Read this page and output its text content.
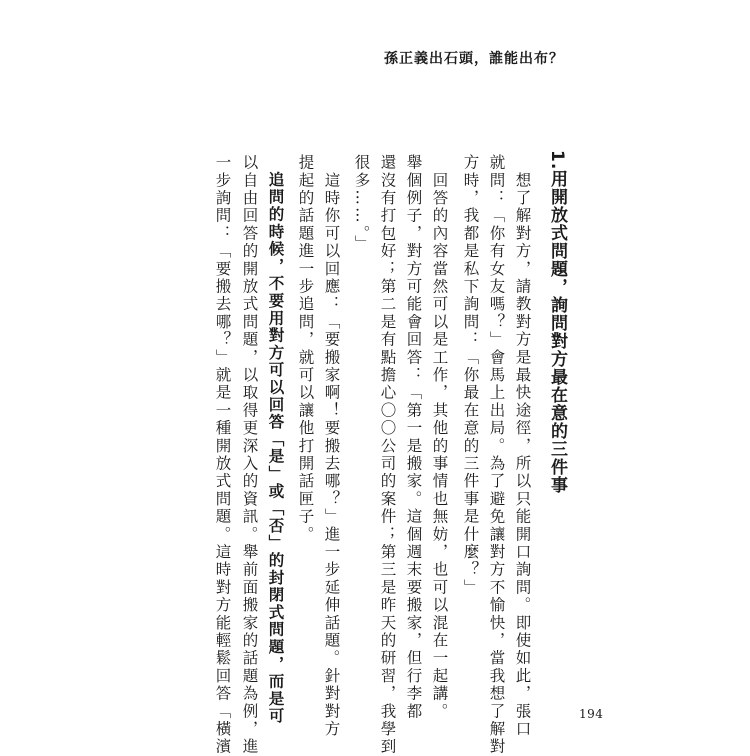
孫正義出石頭，誰能出布？
1.用開放式問題，詢問對方最在意的三件事
　想了解對方，請教對方是最快途徑，所以只能開口詢問。即使如此，張口
就問：「你有女友嗎？」會馬上出局。為了避免讓對方不愉快，當我想了解對
方時，我都是私下詢問：「你最在意的三件事是什麼？」
　回答的內容當然可以是工作，其他的事情也無妨，也可以混在一起講。
舉個例子，對方可能會回答：「第一是搬家。這個週末要搬家，但行李都
還沒有打包好；第二是有點擔心〇〇公司的案件；第三是昨天的研習，我學到
很多……。」
　這時你可以回應：「要搬家啊！要搬去哪？」進一步延伸話題。針對對方
提起的話題進一步追問，就可以讓他打開話匣子。
　追問的時候，不要用對方可以回答「是」或「否」的封閉式問題，而是可
以自由回答的開放式問題，以取得更深入的資訊。舉前面搬家的話題為例，進
一步詢問：「要搬去哪？」就是一種開放式問題。這時對方能輕鬆回答「橫濱	194
